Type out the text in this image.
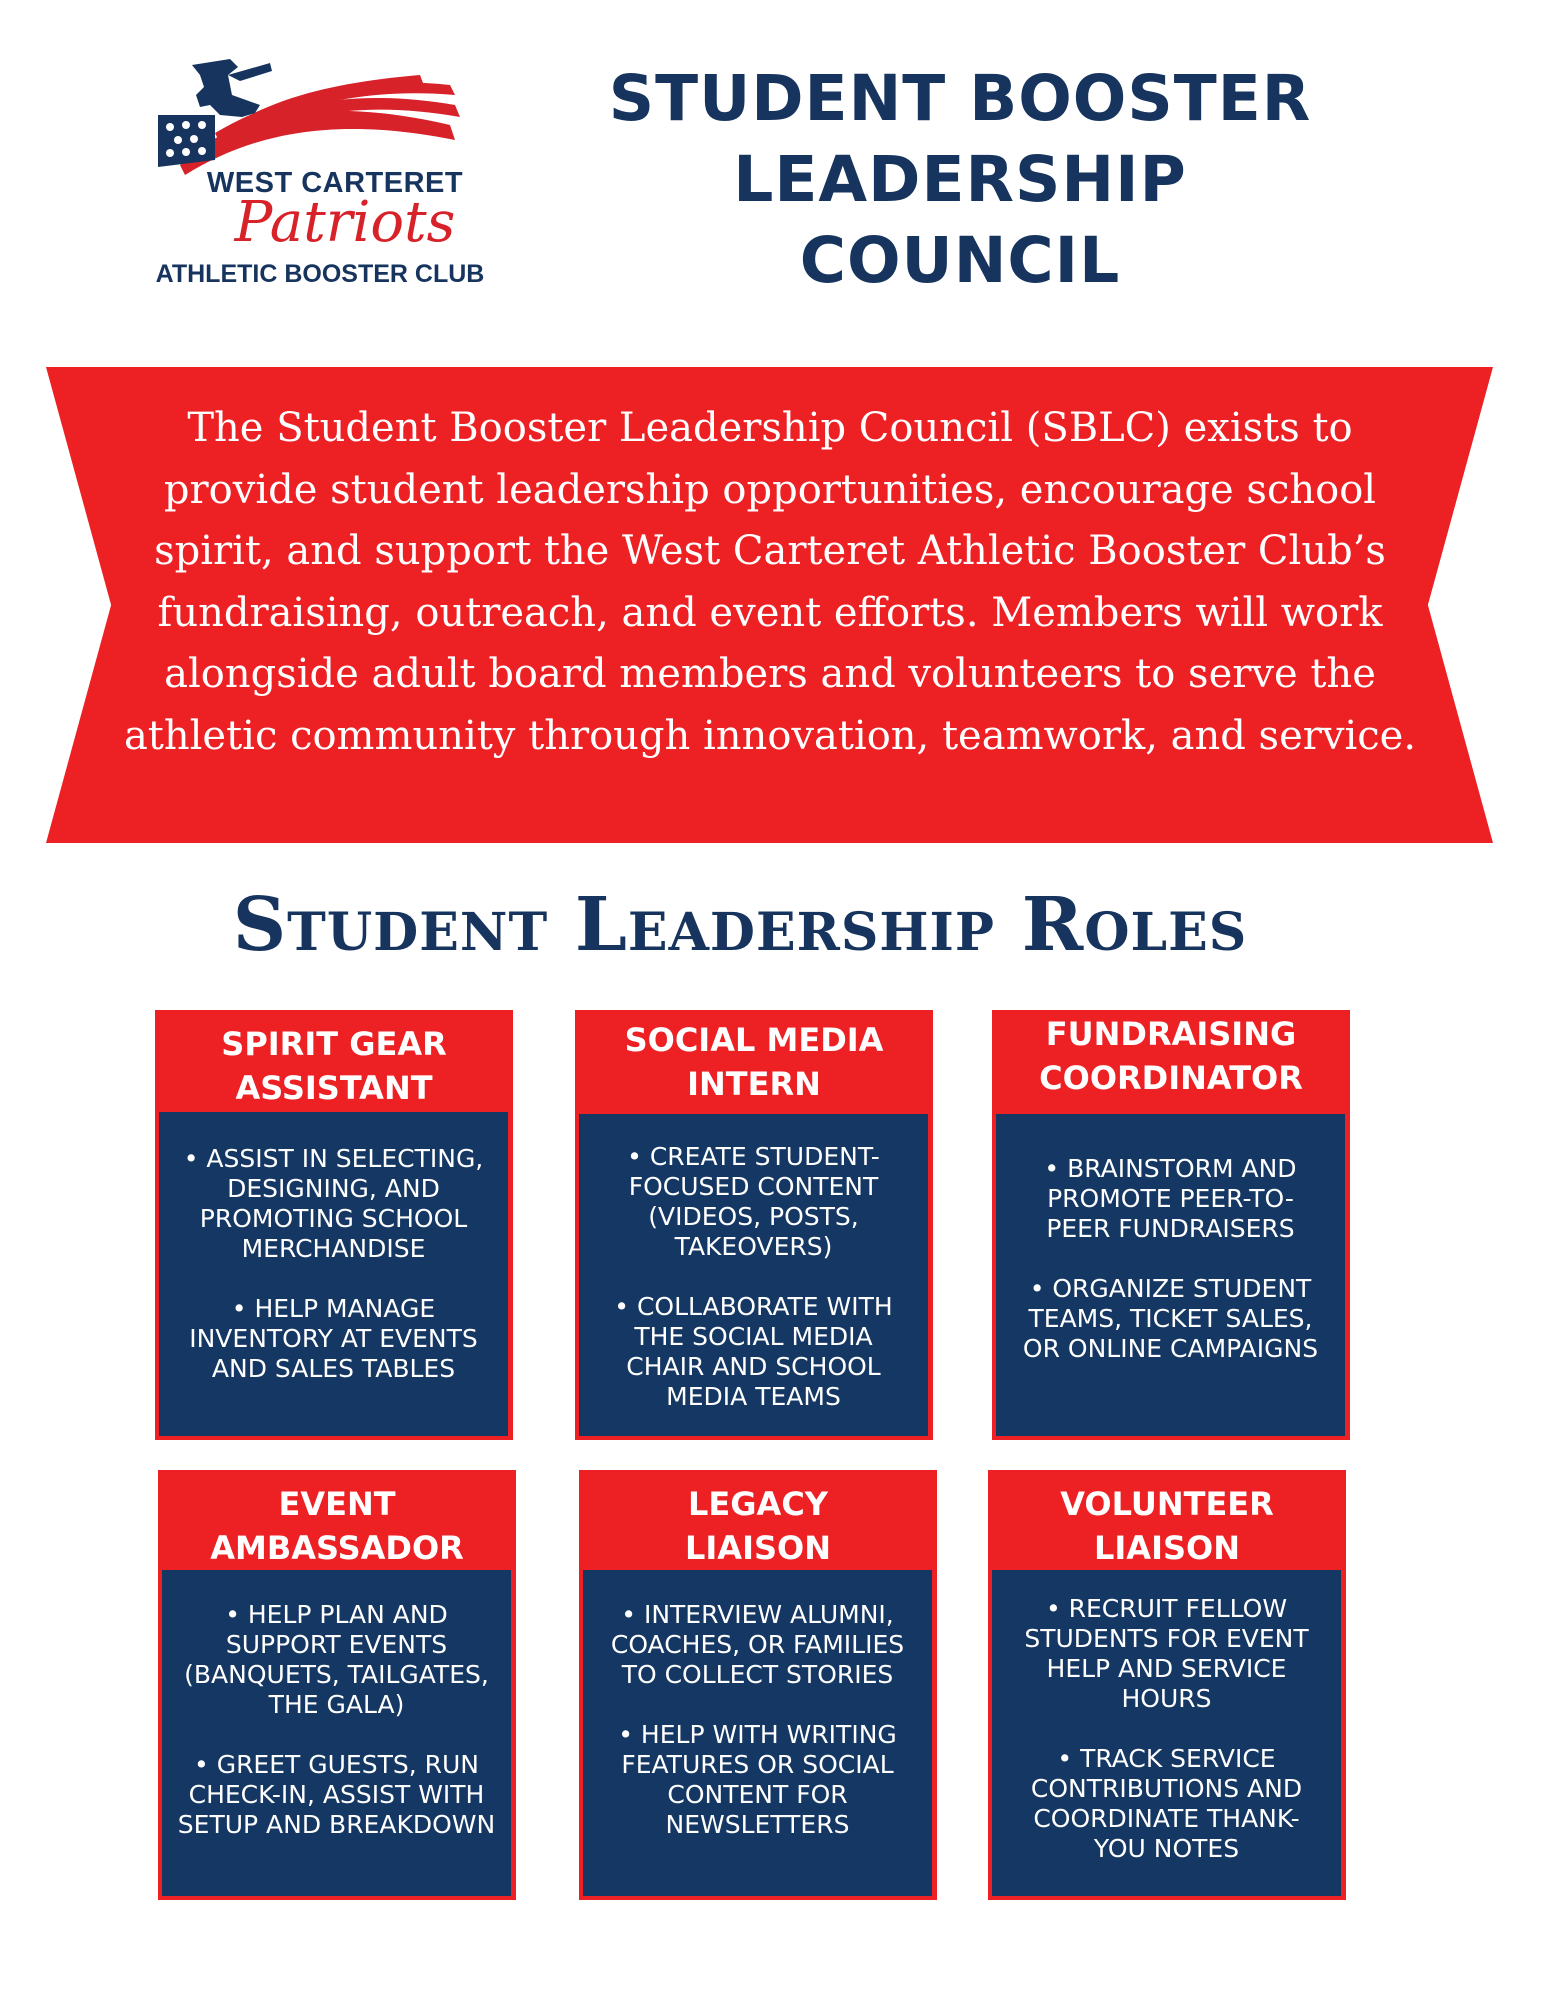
WEST CARTERET
Patriots
ATHLETIC BOOSTER CLUB
STUDENT BOOSTER
LEADERSHIP
COUNCIL
The Student Booster Leadership Council (SBLC) exists to provide student leadership opportunities, encourage school spirit, and support the West Carteret Athletic Booster Club’s fundraising, outreach, and event efforts. Members will work alongside adult board members and volunteers to serve the athletic community through innovation, teamwork, and service.
Student Leadership Roles
SPIRIT GEAR
ASSISTANT
• ASSIST IN SELECTING,
DESIGNING, AND
PROMOTING SCHOOL
MERCHANDISE
• HELP MANAGE
INVENTORY AT EVENTS
AND SALES TABLES
SOCIAL MEDIA
INTERN
• CREATE STUDENT-
FOCUSED CONTENT
(VIDEOS, POSTS,
TAKEOVERS)
• COLLABORATE WITH
THE SOCIAL MEDIA
CHAIR AND SCHOOL
MEDIA TEAMS
FUNDRAISING
COORDINATOR
• BRAINSTORM AND
PROMOTE PEER-TO-
PEER FUNDRAISERS
• ORGANIZE STUDENT
TEAMS, TICKET SALES,
OR ONLINE CAMPAIGNS
EVENT
AMBASSADOR
• HELP PLAN AND
SUPPORT EVENTS
(BANQUETS, TAILGATES,
THE GALA)
• GREET GUESTS, RUN
CHECK-IN, ASSIST WITH
SETUP AND BREAKDOWN
LEGACY
LIAISON
• INTERVIEW ALUMNI,
COACHES, OR FAMILIES
TO COLLECT STORIES
• HELP WITH WRITING
FEATURES OR SOCIAL
CONTENT FOR
NEWSLETTERS
VOLUNTEER
LIAISON
• RECRUIT FELLOW
STUDENTS FOR EVENT
HELP AND SERVICE
HOURS
• TRACK SERVICE
CONTRIBUTIONS AND
COORDINATE THANK-
YOU NOTES
